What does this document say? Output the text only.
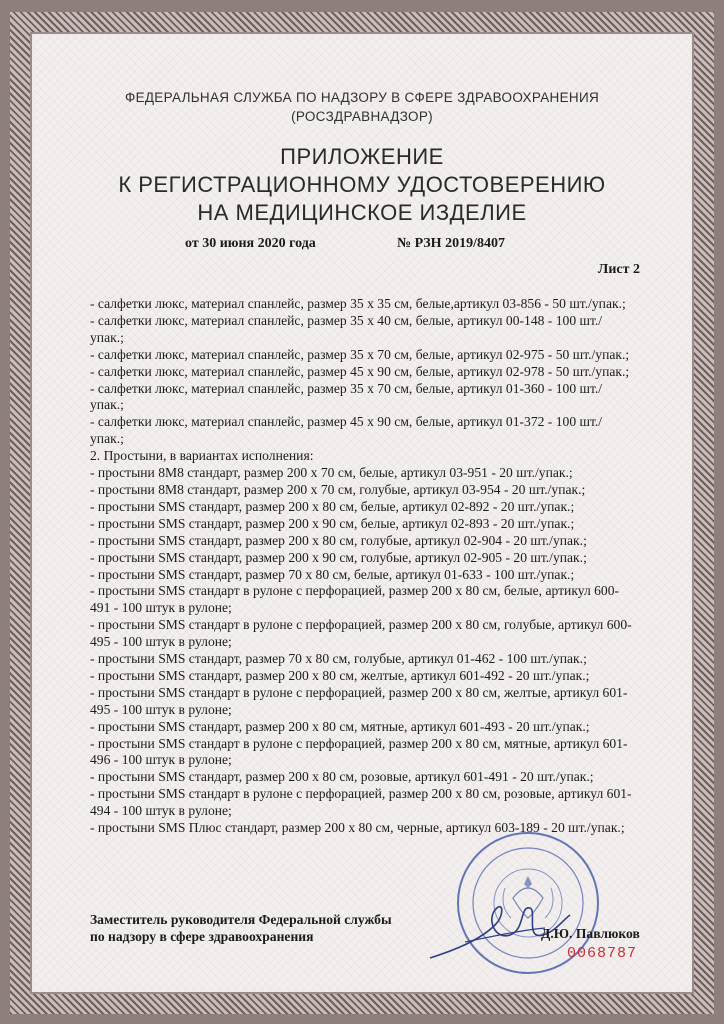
ФЕДЕРАЛЬНАЯ СЛУЖБА ПО НАДЗОРУ В СФЕРЕ ЗДРАВООХРАНЕНИЯ
(РОСЗДРАВНАДЗОР)
ПРИЛОЖЕНИЕ
К РЕГИСТРАЦИОННОМУ УДОСТОВЕРЕНИЮ
НА МЕДИЦИНСКОЕ ИЗДЕЛИЕ
от 30 июня 2020 года	№ РЗН 2019/8407
Лист 2
- салфетки люкс, материал спанлейс, размер 35 х 35 см, белые,артикул 03-856 - 50 шт./упак.;
- салфетки люкс, материал спанлейс, размер 35 х 40 см, белые, артикул 00-148 - 100 шт./упак.;
- салфетки люкс, материал спанлейс, размер 35 х 70 см, белые, артикул 02-975 - 50 шт./упак.;
- салфетки люкс, материал спанлейс, размер 45 х 90 см, белые, артикул 02-978 - 50 шт./упак.;
- салфетки люкс, материал спанлейс, размер 35 х 70 см, белые, артикул 01-360 - 100 шт./упак.;
- салфетки люкс, материал спанлейс, размер 45 х 90 см, белые, артикул 01-372 - 100 шт./упак.;
2. Простыни, в вариантах исполнения:
- простыни 8М8 стандарт, размер 200 х 70 см, белые, артикул 03-951 - 20 шт./упак.;
- простыни 8М8 стандарт, размер 200 х 70 см, голубые, артикул 03-954 - 20 шт./упак.;
- простыни SMS стандарт, размер 200 х 80 см, белые, артикул 02-892 - 20 шт./упак.;
- простыни SMS стандарт, размер 200 х 90 см, белые, артикул 02-893 - 20 шт./упак.;
- простыни SMS стандарт, размер 200 х 80 см, голубые, артикул 02-904 - 20 шт./упак.;
- простыни SMS стандарт, размер 200 х 90 см, голубые, артикул 02-905 - 20 шт./упак.;
- простыни SMS стандарт, размер 70 х 80 см, белые, артикул 01-633 - 100 шт./упак.;
- простыни SMS стандарт в рулоне с перфорацией, размер 200 х 80 см, белые, артикул 600-491 - 100 штук в рулоне;
- простыни SMS стандарт в рулоне с перфорацией, размер 200 х 80 см, голубые, артикул 600- 495 - 100 штук в рулоне;
- простыни SMS стандарт, размер 70 х 80 см, голубые, артикул 01-462 - 100 шт./упак.;
- простыни SMS стандарт, размер 200 х 80 см, желтые, артикул 601-492 - 20 шт./упак.;
- простыни SMS стандарт в рулоне с перфорацией, размер 200 х 80 см, желтые, артикул 601- 495 - 100 штук в рулоне;
- простыни SMS стандарт, размер 200 х 80 см, мятные, артикул 601-493 - 20 шт./упак.;
- простыни SMS стандарт в рулоне с перфорацией, размер 200 х 80 см, мятные, артикул 601-496 - 100 штук в рулоне;
- простыни SMS стандарт, размер 200 х 80 см, розовые, артикул 601-491 - 20 шт./упак.;
- простыни SMS стандарт в рулоне с перфорацией, размер 200 х 80 см, розовые, артикул 601-494 - 100 штук в рулоне;
- простыни SMS Плюс стандарт, размер 200 х 80 см, черные, артикул 603-189 - 20 шт./упак.;
Заместитель руководителя Федеральной службы
по надзору в сфере здравоохранения	Д.Ю. Павлюков
0068787
